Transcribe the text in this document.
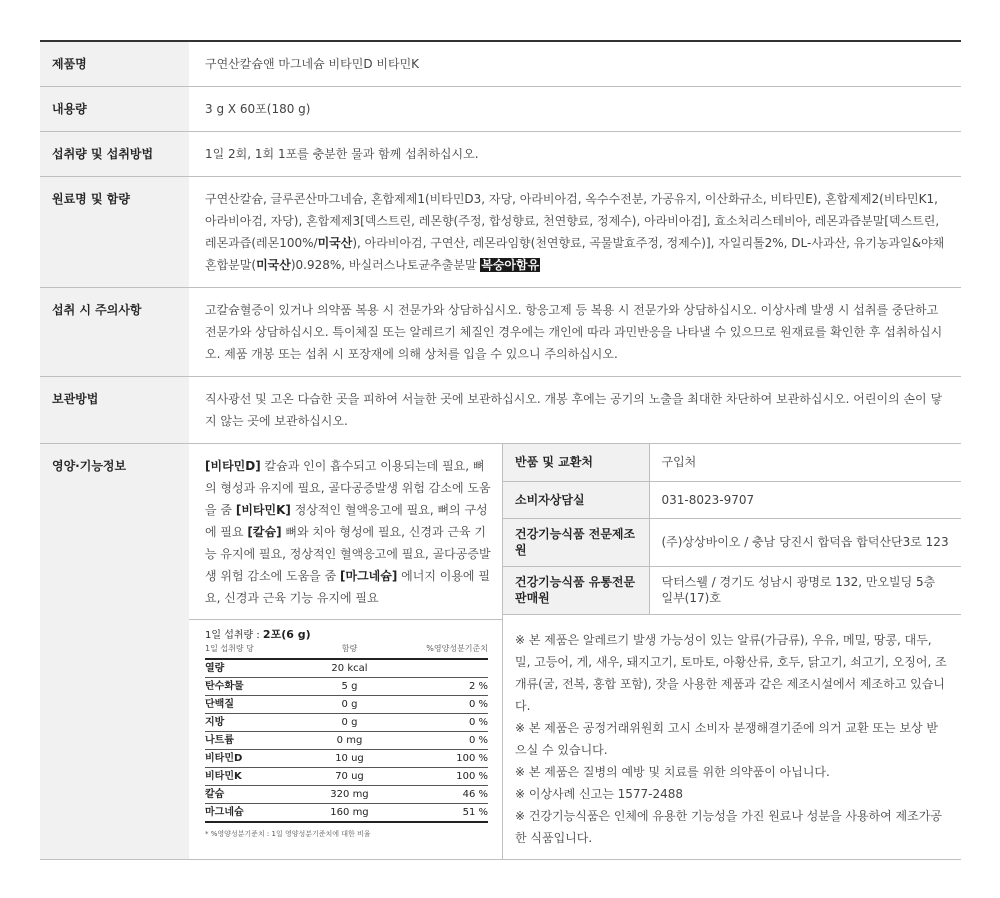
제품명	구연산칼슘앤 마그네슘 비타민D 비타민K
내용량	3 g X 60포(180 g)
섭취량 및 섭취방법	1일 2회, 1회 1포를 충분한 물과 함께 섭취하십시오.
원료명 및 함량	구연산칼슘, 글루콘산마그네슘, 혼합제제1(비타민D3, 자당, 아라비아검, 옥수수전분, 가공유지, 이산화규소, 비타민E), 혼합제제2(비타민K1, 아라비아검, 자당), 혼합제제3[덱스트린, 레몬향(주정, 합성향료, 천연향료, 정제수), 아라비아검], 효소처리스테비아, 레몬과즙분말[덱스트린, 레몬과즙(레몬100%/미국산), 아라비아검, 구연산, 레몬라임향(천연향료, 곡물발효주정, 정제수)], 자일리톨2%, DL-사과산, 유기농과일&야채혼합분말(미국산)0.928%, 바실러스나토균추출분말 복숭아함유
섭취 시 주의사항	고칼슘혈증이 있거나 의약품 복용 시 전문가와 상담하십시오. 항응고제 등 복용 시 전문가와 상담하십시오. 이상사례 발생 시 섭취를 중단하고 전문가와 상담하십시오. 특이체질 또는 알레르기 체질인 경우에는 개인에 따라 과민반응을 나타낼 수 있으므로 원재료를 확인한 후 섭취하십시오. 제품 개봉 또는 섭취 시 포장재에 의해 상처를 입을 수 있으니 주의하십시오.
보관방법	직사광선 및 고온 다습한 곳을 피하여 서늘한 곳에 보관하십시오. 개봉 후에는 공기의 노출을 최대한 차단하여 보관하십시오. 어린이의 손이 닿지 않는 곳에 보관하십시오.
영양·기능정보	[비타민D] 칼슘과 인이 흡수되고 이용되는데 필요, 뼈의 형성과 유지에 필요, 골다공증발생 위험 감소에 도움을 줌 [비타민K] 정상적인 혈액응고에 필요, 뼈의 구성에 필요 [칼슘] 뼈와 치아 형성에 필요, 신경과 근육 기능 유지에 필요, 정상적인 혈액응고에 필요, 골다공증발생 위험 감소에 도움을 줌 [마그네슘] 에너지 이용에 필요, 신경과 근육 기능 유지에 필요
1일 섭취량 : 2포(6 g)
1일 섭취량 당	함량	%영양성분기준치
열량	20 kcal
탄수화물	5 g	2 %
단백질	0 g	0 %
지방	0 g	0 %
나트륨	0 mg	0 %
비타민D	10 ug	100 %
비타민K	70 ug	100 %
칼슘	320 mg	46 %
마그네슘	160 mg	51 %
* %영양성분기준치 : 1일 영양성분기준치에 대한 비율
반품 및 교환처	구입처
소비자상담실	031-8023-9707
건강기능식품 전문제조원	(주)상상바이오 / 충남 당진시 합덕읍 합덕산단3로 123
건강기능식품 유통전문판매원	닥터스웰 / 경기도 성남시 광명로 132, 만오빌딩 5층 일부(17)호
※ 본 제품은 알레르기 발생 가능성이 있는 알류(가금류), 우유, 메밀, 땅콩, 대두, 밀, 고등어, 게, 새우, 돼지고기, 토마토, 아황산류, 호두, 닭고기, 쇠고기, 오징어, 조개류(굴, 전복, 홍합 포함), 잣을 사용한 제품과 같은 제조시설에서 제조하고 있습니다.
※ 본 제품은 공정거래위원회 고시 소비자 분쟁해결기준에 의거 교환 또는 보상 받으실 수 있습니다.
※ 본 제품은 질병의 예방 및 치료를 위한 의약품이 아닙니다.
※ 이상사례 신고는 1577-2488
※ 건강기능식품은 인체에 유용한 기능성을 가진 원료나 성분을 사용하여 제조가공한 식품입니다.
